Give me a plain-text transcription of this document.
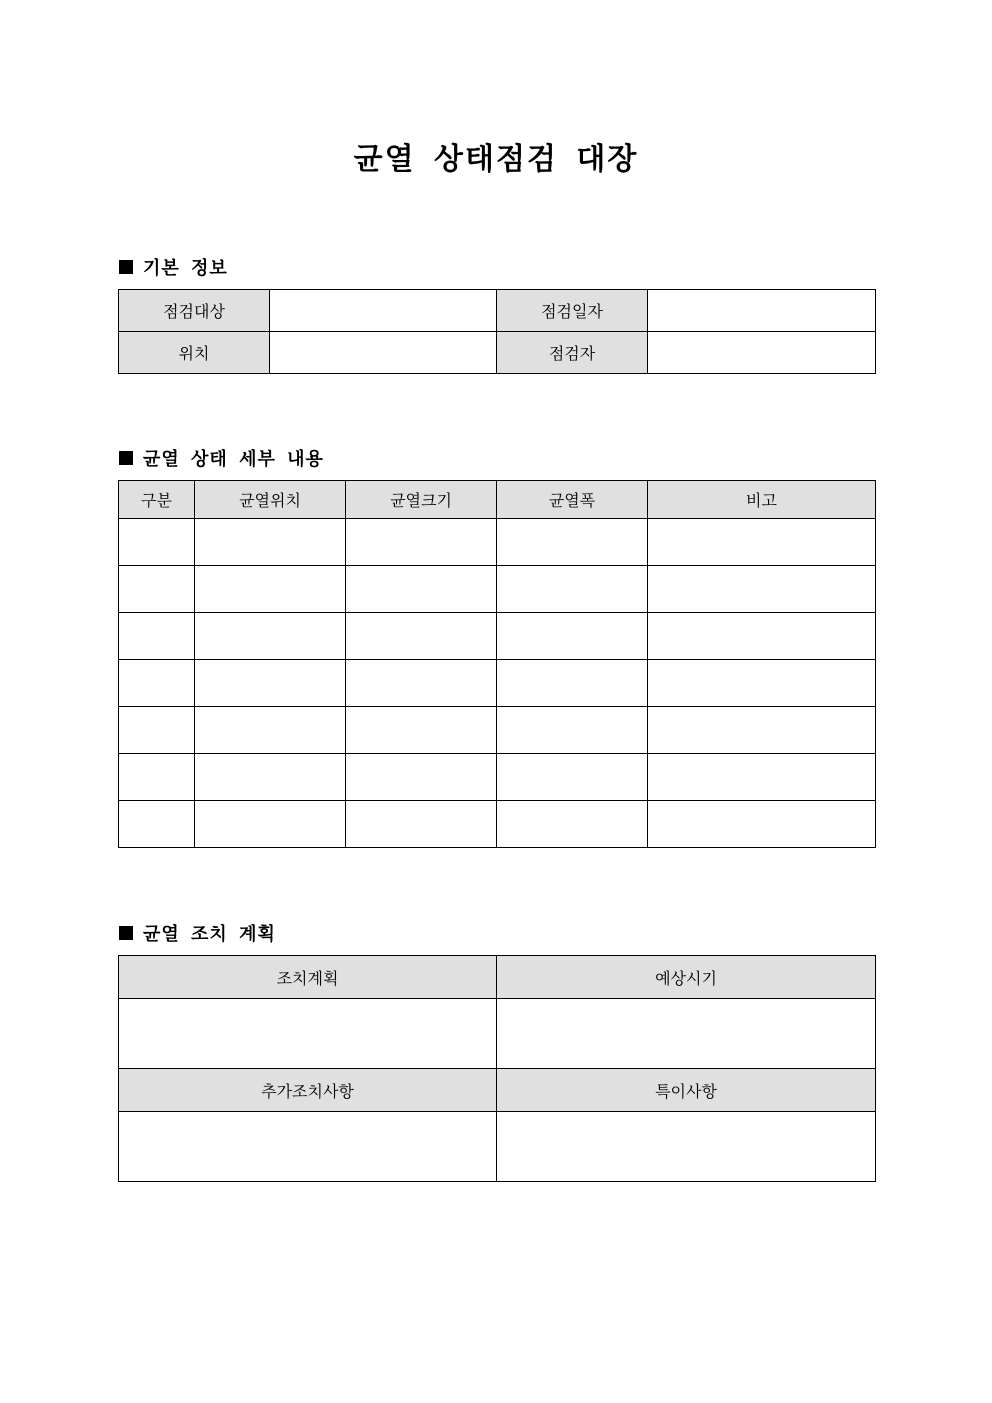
균열 상태점검 대장
기본 정보
점검대상		점검일자	
위치		점검자	
균열 상태 세부 내용
구분	균열위치	균열크기	균열폭	비고

균열 조치 계획
조치계획	예상시기

추가조치사항	특이사항
